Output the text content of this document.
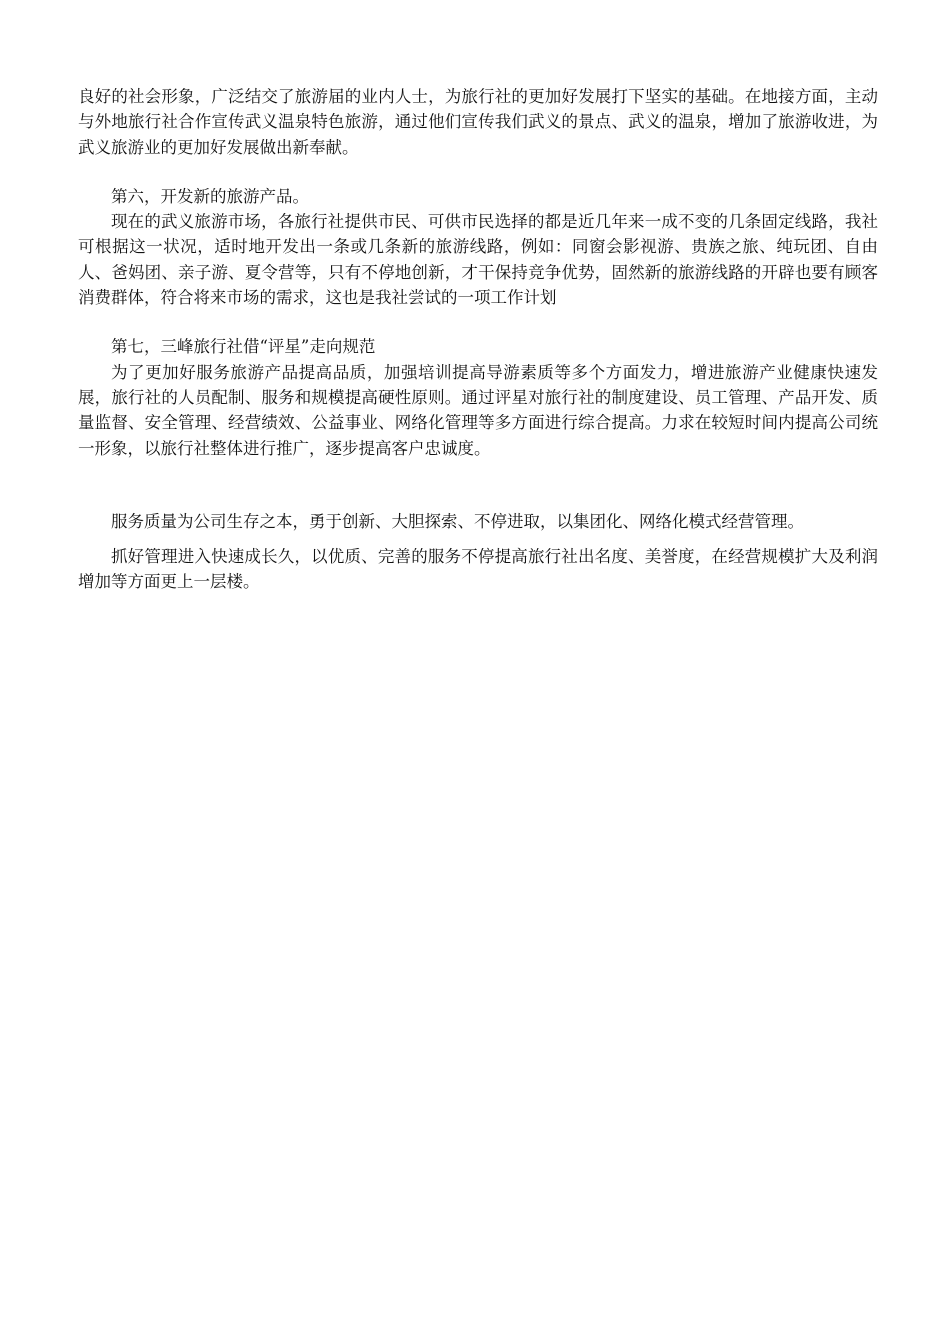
良好的社会形象，广泛结交了旅游届的业内人士，为旅行社的更加好发展打下坚实的基础。在地接方面，主动与外地旅行社合作宣传武义温泉特色旅游，通过他们宣传我们武义的景点、武义的温泉，增加了旅游收进，为武义旅游业的更加好发展做出新奉献。

第六，开发新的旅游产品。

现在的武义旅游市场，各旅行社提供市民、可供市民选择的都是近几年来一成不变的几条固定线路，我社可根据这一状况，适时地开发出一条或几条新的旅游线路，例如：同窗会影视游、贵族之旅、纯玩团、自由人、爸妈团、亲子游、夏令营等，只有不停地创新，才干保持竞争优势，固然新的旅游线路的开辟也要有顾客消费群体，符合将来市场的需求，这也是我社尝试的一项工作计划

第七，三峰旅行社借“评星”走向规范

为了更加好服务旅游产品提高品质，加强培训提高导游素质等多个方面发力，增进旅游产业健康快速发展，旅行社的人员配制、服务和规模提高硬性原则。通过评星对旅行社的制度建设、员工管理、产品开发、质量监督、安全管理、经营绩效、公益事业、网络化管理等多方面进行综合提高。力求在较短时间内提高公司统一形象，以旅行社整体进行推广，逐步提高客户忠诚度。

服务质量为公司生存之本，勇于创新、大胆探索、不停进取，以集团化、网络化模式经营管理。

抓好管理进入快速成长久，以优质、完善的服务不停提高旅行社出名度、美誉度，在经营规模扩大及利润增加等方面更上一层楼。
